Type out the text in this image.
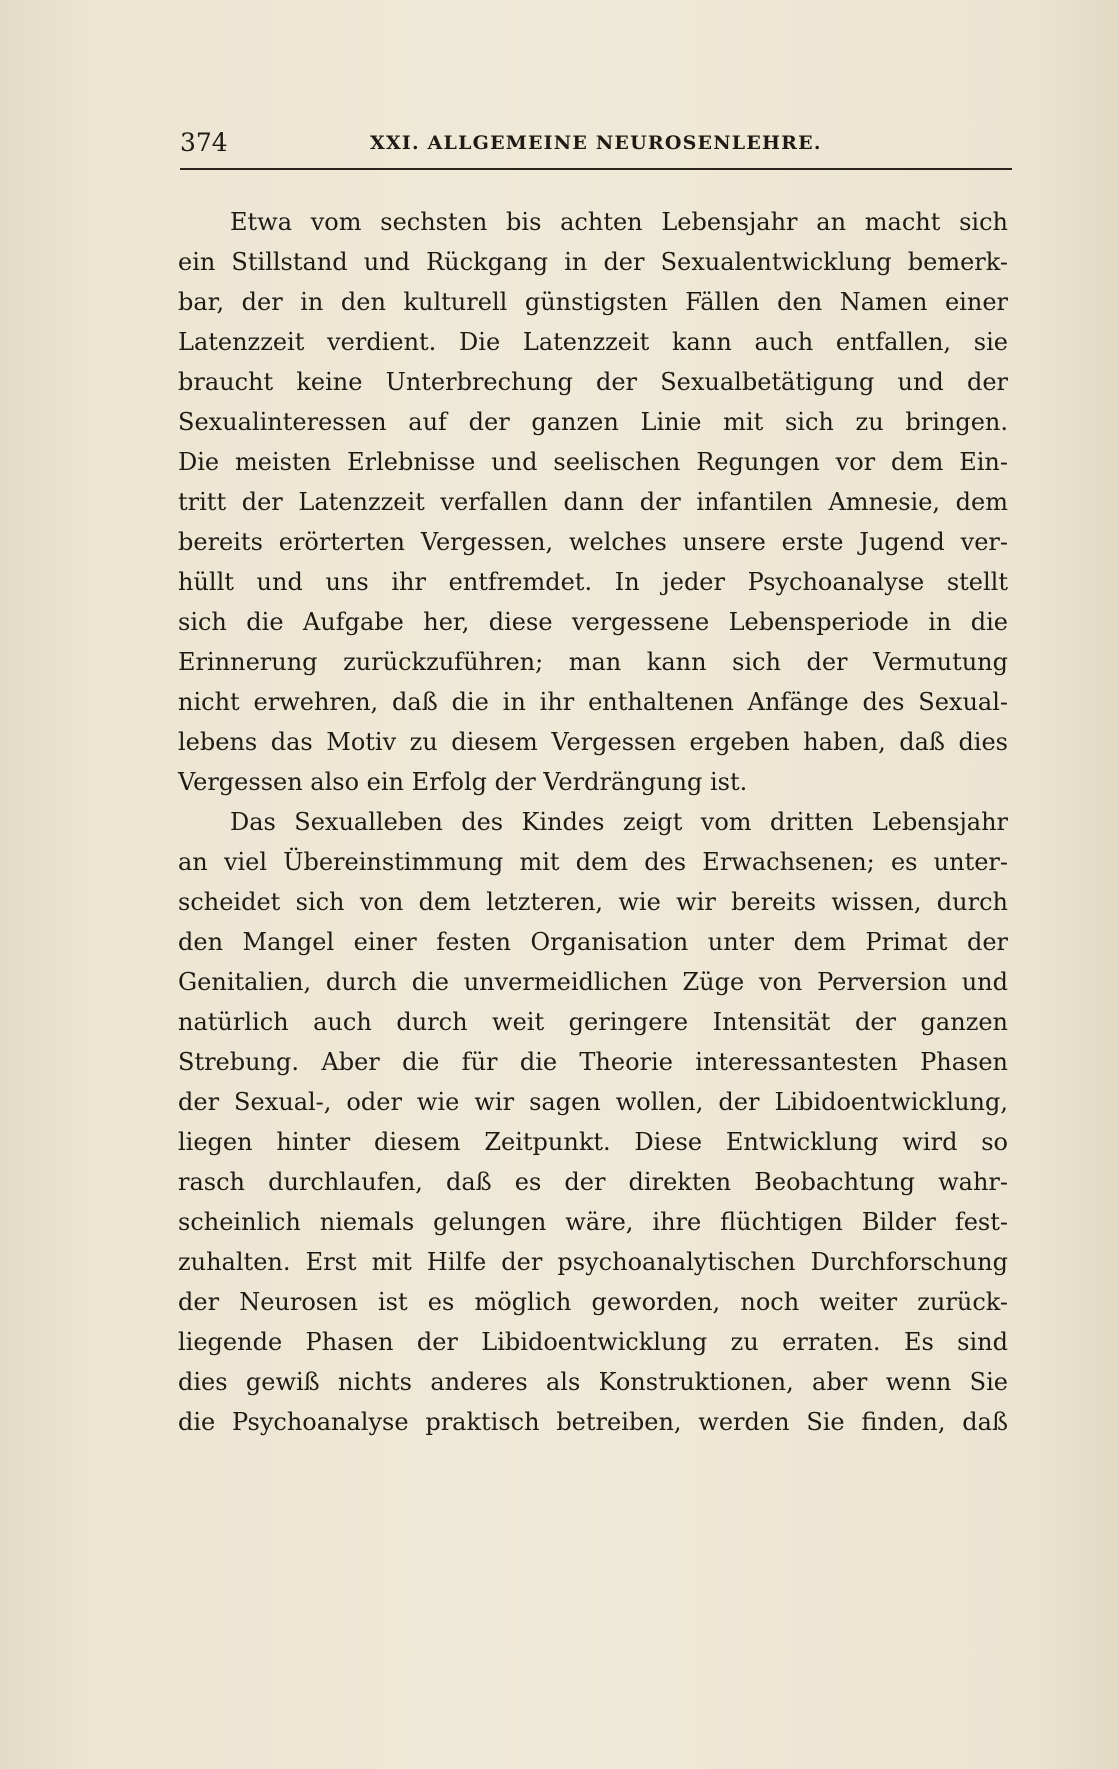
374	XXI. ALLGEMEINE NEUROSENLEHRE.
Etwa vom sechsten bis achten Lebensjahr an macht sich
ein Stillstand und Rückgang in der Sexualentwicklung bemerk-
bar, der in den kulturell günstigsten Fällen den Namen einer
Latenzzeit verdient. Die Latenzzeit kann auch entfallen, sie
braucht keine Unterbrechung der Sexualbetätigung und der
Sexualinteressen auf der ganzen Linie mit sich zu bringen.
Die meisten Erlebnisse und seelischen Regungen vor dem Ein-
tritt der Latenzzeit verfallen dann der infantilen Amnesie, dem
bereits erörterten Vergessen, welches unsere erste Jugend ver-
hüllt und uns ihr entfremdet. In jeder Psychoanalyse stellt
sich die Aufgabe her, diese vergessene Lebensperiode in die
Erinnerung zurückzuführen; man kann sich der Vermutung
nicht erwehren, daß die in ihr enthaltenen Anfänge des Sexual-
lebens das Motiv zu diesem Vergessen ergeben haben, daß dies
Vergessen also ein Erfolg der Verdrängung ist.
Das Sexualleben des Kindes zeigt vom dritten Lebensjahr
an viel Übereinstimmung mit dem des Erwachsenen; es unter-
scheidet sich von dem letzteren, wie wir bereits wissen, durch
den Mangel einer festen Organisation unter dem Primat der
Genitalien, durch die unvermeidlichen Züge von Perversion und
natürlich auch durch weit geringere Intensität der ganzen
Strebung. Aber die für die Theorie interessantesten Phasen
der Sexual-, oder wie wir sagen wollen, der Libidoentwicklung,
liegen hinter diesem Zeitpunkt. Diese Entwicklung wird so
rasch durchlaufen, daß es der direkten Beobachtung wahr-
scheinlich niemals gelungen wäre, ihre flüchtigen Bilder fest-
zuhalten. Erst mit Hilfe der psychoanalytischen Durchforschung
der Neurosen ist es möglich geworden, noch weiter zurück-
liegende Phasen der Libidoentwicklung zu erraten. Es sind
dies gewiß nichts anderes als Konstruktionen, aber wenn Sie
die Psychoanalyse praktisch betreiben, werden Sie finden, daß
